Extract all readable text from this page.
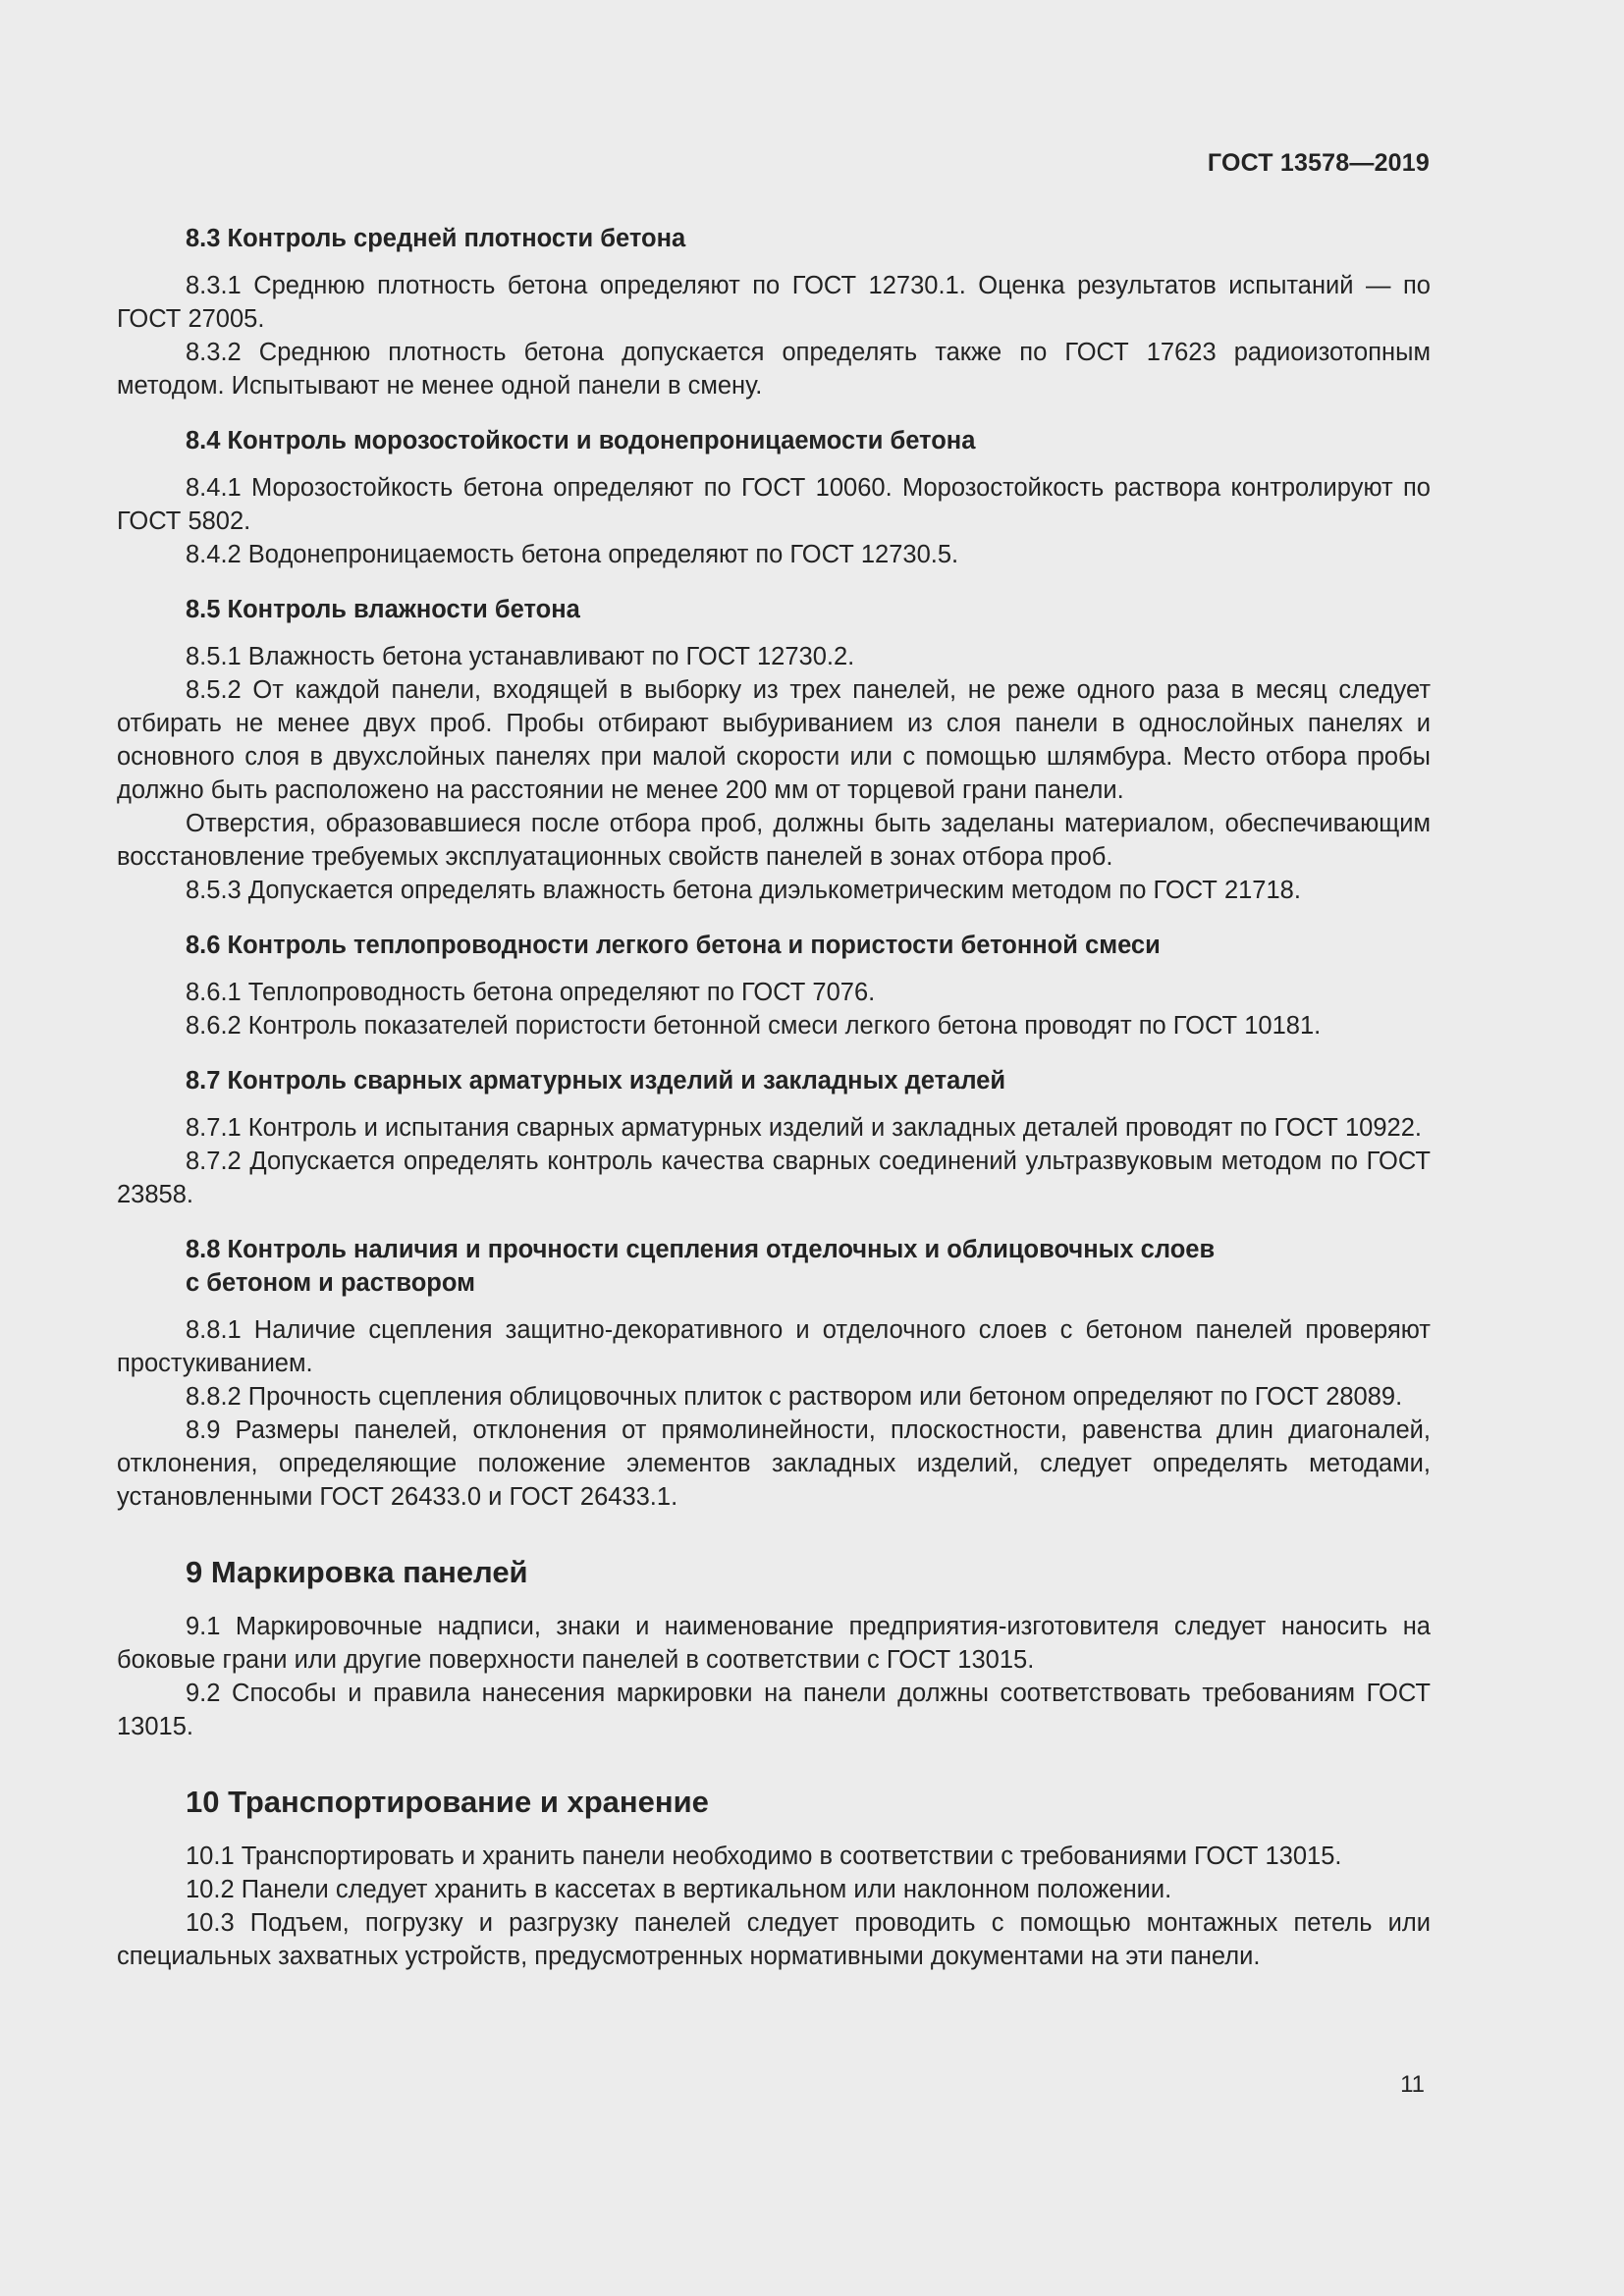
ГОСТ 13578—2019
8.3 Контроль средней плотности бетона

8.3.1 Среднюю плотность бетона определяют по ГОСТ 12730.1. Оценка результатов испытаний — по ГОСТ 27005.

8.3.2 Среднюю плотность бетона допускается определять также по ГОСТ 17623 радиоизотопным методом. Испытывают не менее одной панели в смену.

8.4 Контроль морозостойкости и водонепроницаемости бетона

8.4.1 Морозостойкость бетона определяют по ГОСТ 10060. Морозостойкость раствора контролируют по ГОСТ 5802.

8.4.2 Водонепроницаемость бетона определяют по ГОСТ 12730.5.

8.5 Контроль влажности бетона

8.5.1 Влажность бетона устанавливают по ГОСТ 12730.2.

8.5.2 От каждой панели, входящей в выборку из трех панелей, не реже одного раза в месяц следует отбирать не менее двух проб. Пробы отбирают выбуриванием из слоя панели в однослойных панелях и основного слоя в двухслойных панелях при малой скорости или с помощью шлямбура. Место отбора пробы должно быть расположено на расстоянии не менее 200 мм от торцевой грани панели.

Отверстия, образовавшиеся после отбора проб, должны быть заделаны материалом, обеспечивающим восстановление требуемых эксплуатационных свойств панелей в зонах отбора проб.

8.5.3 Допускается определять влажность бетона диэлькометрическим методом по ГОСТ 21718.

8.6 Контроль теплопроводности легкого бетона и пористости бетонной смеси

8.6.1 Теплопроводность бетона определяют по ГОСТ 7076.

8.6.2 Контроль показателей пористости бетонной смеси легкого бетона проводят по ГОСТ 10181.

8.7 Контроль сварных арматурных изделий и закладных деталей

8.7.1 Контроль и испытания сварных арматурных изделий и закладных деталей проводят по ГОСТ 10922.

8.7.2 Допускается определять контроль качества сварных соединений ультразвуковым методом по ГОСТ 23858.

8.8 Контроль наличия и прочности сцепления отделочных и облицовочных слоев
с бетоном и раствором

8.8.1 Наличие сцепления защитно-декоративного и отделочного слоев с бетоном панелей проверяют простукиванием.

8.8.2 Прочность сцепления облицовочных плиток с раствором или бетоном определяют по ГОСТ 28089.

8.9 Размеры панелей, отклонения от прямолинейности, плоскостности, равенства длин диагоналей, отклонения, определяющие положение элементов закладных изделий, следует определять методами, установленными ГОСТ 26433.0 и ГОСТ 26433.1.

9 Маркировка панелей

9.1 Маркировочные надписи, знаки и наименование предприятия-изготовителя следует наносить на боковые грани или другие поверхности панелей в соответствии с ГОСТ 13015.

9.2 Способы и правила нанесения маркировки на панели должны соответствовать требованиям ГОСТ 13015.

10 Транспортирование и хранение

10.1 Транспортировать и хранить панели необходимо в соответствии с требованиями ГОСТ 13015.

10.2 Панели следует хранить в кассетах в вертикальном или наклонном положении.

10.3 Подъем, погрузку и разгрузку панелей следует проводить с помощью монтажных петель или специальных захватных устройств, предусмотренных нормативными документами на эти панели.

11
